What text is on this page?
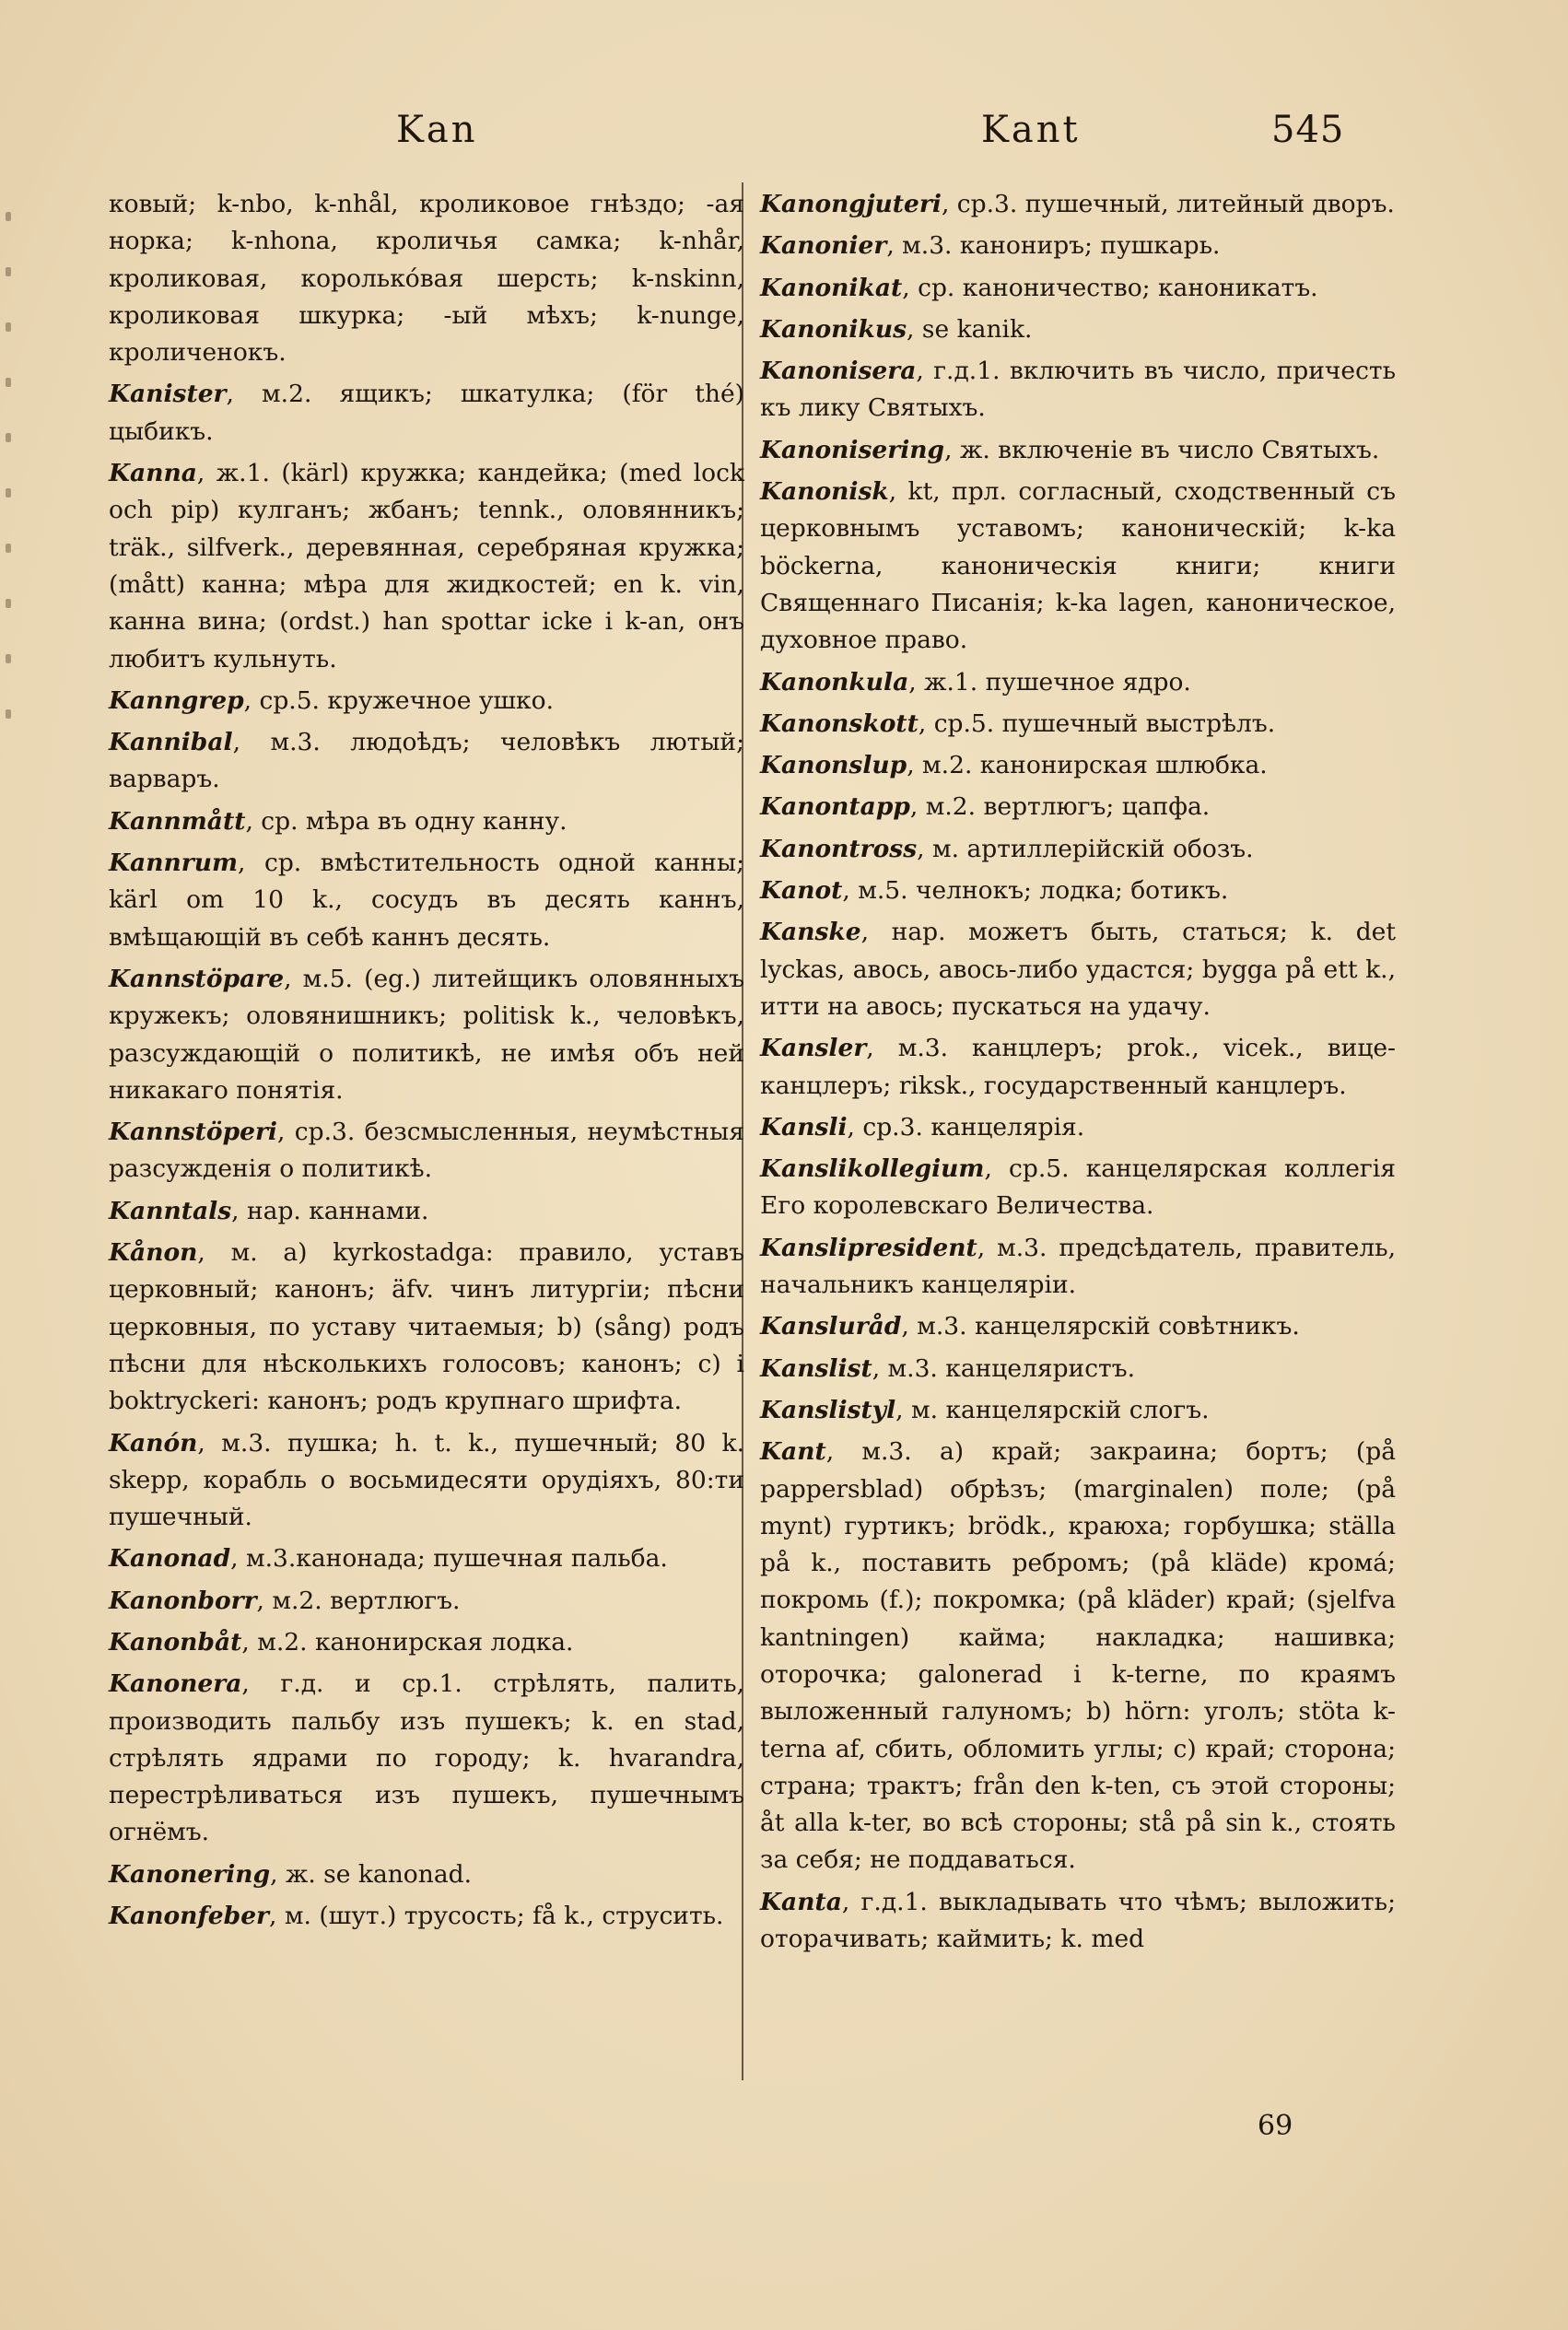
Kan	Kant	545

ковый; k-nbo, k-nhål, кроликовое гнѣздо; -ая норка; k-nhona, кроличья самка; k-nhår, кроликовая, королько́вая шерсть; k-nskinn, кроликовая шкурка; -ый мѣхъ; k-nunge, кроличенокъ.

Kanister, м.2. ящикъ; шкатулка; (för thé) цыбикъ.

Kanna, ж.1. (kärl) кружка; кандейка; (med lock och pip) кулганъ; жбанъ; tennk., оловянникъ; träk., silfverk., деревянная, серебряная кружка; (mått) канна; мѣра для жидкостей; en k. vin, канна вина; (ordst.) han spottar icke i k-an, онъ любитъ кульнуть.

Kanngrep, ср.5. кружечное ушко.

Kannibal, м.3. людоѣдъ; человѣкъ лютый; варваръ.

Kannmått, ср. мѣра въ одну канну.

Kannrum, ср. вмѣстительность одной канны; kärl om 10 k., сосудъ въ десять каннъ, вмѣщающій въ себѣ каннъ десять.

Kannstöpare, м.5. (eg.) литейщикъ оловянныхъ кружекъ; оловянишникъ; politisk k., человѣкъ, разсуждающій о политикѣ, не имѣя объ ней никакаго понятія.

Kannstöperi, ср.3. безсмысленныя, неумѣстныя разсужденія о политикѣ.

Kanntals, нар. каннами.

Kånon, м. a) kyrkostadga: правило, уставъ церковный; канонъ; äfv. чинъ литургіи; пѣсни церковныя, по уставу читаемыя; b) (sång) родъ пѣсни для нѣсколькихъ голосовъ; канонъ; c) i boktryckeri: канонъ; родъ крупнаго шрифта.

Kanón, м.3. пушка; h. t. k., пушечный; 80 k. skepp, корабль о восьмидесяти орудіяхъ, 80:ти пушечный.

Kanonad, м.3.канонада; пушечная пальба.

Kanonborr, м.2. вертлюгъ.

Kanonbåt, м.2. канонирская лодка.

Kanonera, г.д. и ср.1. стрѣлять, палить, производить пальбу изъ пушекъ; k. en stad, стрѣлять ядрами по городу; k. hvarandra, перестрѣливаться изъ пушекъ, пушечнымъ огнёмъ.

Kanonering, ж. se kanonad.

Kanonfeber, м. (шут.) трусость; få k., струсить.

Kanongjuteri, ср.3. пушечный, литейный дворъ.

Kanonier, м.3. канониръ; пушкарь.

Kanonikat, ср. каноничество; каноникатъ.

Kanonikus, se kanik.

Kanonisera, г.д.1. включить въ число, причесть къ лику Святыхъ.

Kanonisering, ж. включеніе въ число Святыхъ.

Kanonisk, kt, прл. согласный, сходственный съ церковнымъ уставомъ; каноническій; k-ka böckerna, каноническія книги; книги Священнаго Писанія; k-ka lagen, каноническое, духовное право.

Kanonkula, ж.1. пушечное ядро.

Kanonskott, ср.5. пушечный выстрѣлъ.

Kanonslup, м.2. канонирская шлюбка.

Kanontapp, м.2. вертлюгъ; цапфа.

Kanontross, м. артиллерійскій обозъ.

Kanot, м.5. челнокъ; лодка; ботикъ.

Kanske, нар. можетъ быть, статься; k. det lyckas, авось, авось-либо удастся; bygga på ett k., итти на авось; пускаться на удачу.

Kansler, м.3. канцлеръ; prok., vicek., вице-канцлеръ; riksk., государственный канцлеръ.

Kansli, ср.3. канцелярія.

Kanslikollegium, ср.5. канцелярская коллегія Его королевскаго Величества.

Kanslipresident, м.3. предсѣдатель, правитель, начальникъ канцеляріи.

Kanslиråd, м.3. канцелярскій совѣтникъ.

Kanslist, м.3. канцеляристъ.

Kanslistyl, м. канцелярскій слогъ.

Kant, м.3. a) край; закраина; бортъ; (på pappersblad) обрѣзъ; (marginalen) поле; (på mynt) гуртикъ; brödk., краюха; горбушка; ställa på k., поставить ребромъ; (på kläde) кромá; покромь (f.); покромка; (på kläder) край; (sjelfva kantningen) кайма; накладка; нашивка; оторочка; galonerad i k-terne, по краямъ выложенный галуномъ; b) hörn: уголъ; stöta k-terna af, сбить, обломить углы; c) край; сторона; страна; трактъ; från den k-ten, съ этой стороны; åt alla k-ter, во всѣ стороны; stå på sin k., стоять за себя; не поддаваться.

Kanta, г.д.1. выкладывать что чѣмъ; выложить; оторачивать; каймить; k. med

69
